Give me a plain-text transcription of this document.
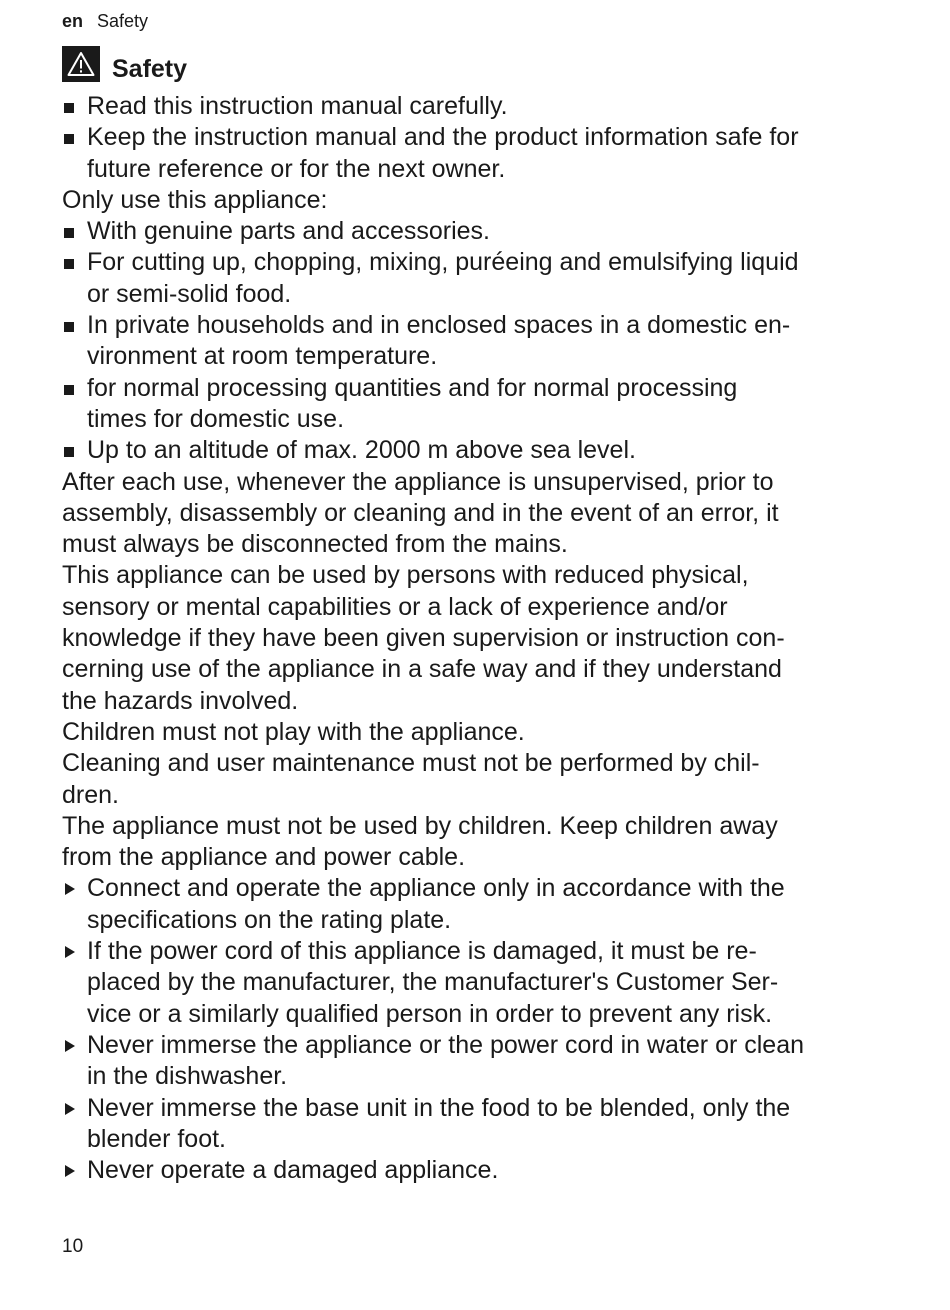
en Safety
Safety
Read this instruction manual carefully.
Keep the instruction manual and the product information safe for
future reference or for the next owner.
Only use this appliance:
With genuine parts and accessories.
For cutting up, chopping, mixing, puréeing and emulsifying liquid
or semi-solid food.
In private households and in enclosed spaces in a domestic en-
vironment at room temperature.
for normal processing quantities and for normal processing
times for domestic use.
Up to an altitude of max. 2000 m above sea level.
After each use, whenever the appliance is unsupervised, prior to
assembly, disassembly or cleaning and in the event of an error, it
must always be disconnected from the mains.
This appliance can be used by persons with reduced physical,
sensory or mental capabilities or a lack of experience and/or
knowledge if they have been given supervision or instruction con-
cerning use of the appliance in a safe way and if they understand
the hazards involved.
Children must not play with the appliance.
Cleaning and user maintenance must not be performed by chil-
dren.
The appliance must not be used by children. Keep children away
from the appliance and power cable.
Connect and operate the appliance only in accordance with the
specifications on the rating plate.
If the power cord of this appliance is damaged, it must be re-
placed by the manufacturer, the manufacturer's Customer Ser-
vice or a similarly qualified person in order to prevent any risk.
Never immerse the appliance or the power cord in water or clean
in the dishwasher.
Never immerse the base unit in the food to be blended, only the
blender foot.
Never operate a damaged appliance.
10
